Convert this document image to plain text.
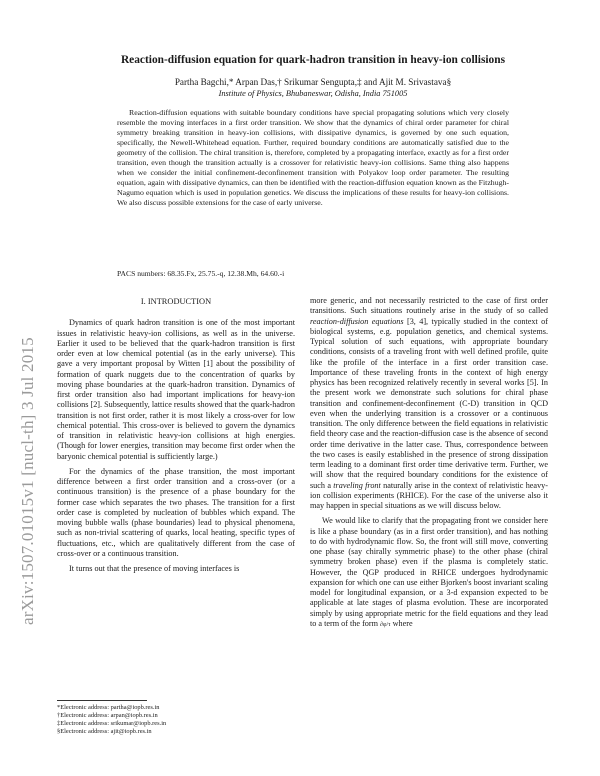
arXiv:1507.01015v1 [nucl-th] 3 Jul 2015
Reaction-diffusion equation for quark-hadron transition in heavy-ion collisions
Partha Bagchi,* Arpan Das,† Srikumar Sengupta,‡ and Ajit M. Srivastava§
Institute of Physics, Bhubaneswar, Odisha, India 751005
Reaction-diffusion equations with suitable boundary conditions have special propagating solutions which very closely resemble the moving interfaces in a first order transition. We show that the dynamics of chiral order parameter for chiral symmetry breaking transition in heavy-ion collisions, with dissipative dynamics, is governed by one such equation, specifically, the Newell-Whitehead equation. Further, required boundary conditions are automatically satisfied due to the geometry of the collision. The chiral transition is, therefore, completed by a propagating interface, exactly as for a first order transition, even though the transition actually is a crossover for relativistic heavy-ion collisions. Same thing also happens when we consider the initial confinement-deconfinement transition with Polyakov loop order parameter. The resulting equation, again with dissipative dynamics, can then be identified with the reaction-diffusion equation known as the Fitzhugh-Nagumo equation which is used in population genetics. We discuss the implications of these results for heavy-ion collisions. We also discuss possible extensions for the case of early universe.
PACS numbers: 68.35.Fx, 25.75.-q, 12.38.Mh, 64.60.-i
I. INTRODUCTION

Dynamics of quark hadron transition is one of the most important issues in relativistic heavy-ion collisions, as well as in the universe. Earlier it used to be believed that the quark-hadron transition is first order even at low chemical potential (as in the early universe). This gave a very important proposal by Witten [1] about the possibility of formation of quark nuggets due to the concentration of quarks by moving phase boundaries at the quark-hadron transition. Dynamics of first order transition also had important implications for heavy-ion collisions [2]. Subsequently, lattice results showed that the quark-hadron transition is not first order, rather it is most likely a cross-over for low chemical potential. This cross-over is believed to govern the dynamics of transition in relativistic heavy-ion collisions at high energies. (Though for lower energies, transition may become first order when the baryonic chemical potential is sufficiently large.)

For the dynamics of the phase transition, the most important difference between a first order transition and a cross-over (or a continuous transition) is the presence of a phase boundary for the former case which separates the two phases. The transition for a first order case is completed by nucleation of bubbles which expand. The moving bubble walls (phase boundaries) lead to physical phenomena, such as non-trivial scattering of quarks, local heating, specific types of fluctuations, etc., which are qualitatively different from the case of cross-over or a continuous transition.

It turns out that the presence of moving interfaces is

more generic, and not necessarily restricted to the case of first order transitions. Such situations routinely arise in the study of so called reaction-diffusion equations [3, 4], typically studied in the context of biological systems, e.g. population genetics, and chemical systems. Typical solution of such equations, with appropriate boundary conditions, consists of a traveling front with well defined profile, quite like the profile of the interface in a first order transition case. Importance of these traveling fronts in the context of high energy physics has been recognized relatively recently in several works [5]. In the present work we demonstrate such solutions for chiral phase transition and confinement-deconfinement (C-D) transition in QCD even when the underlying transition is a crossover or a continuous transition. The only difference between the field equations in relativistic field theory case and the reaction-diffusion case is the absence of second order time derivative in the latter case. Thus, correspondence between the two cases is easily established in the presence of strong dissipation term leading to a dominant first order time derivative term. Further, we will show that the required boundary conditions for the existence of such a traveling front naturally arise in the context of relativistic heavy-ion collision experiments (RHICE). For the case of the universe also it may happen in special situations as we will discuss below.

We would like to clarify that the propagating front we consider here is like a phase boundary (as in a first order transition), and has nothing to do with hydrodynamic flow. So, the front will still move, converting one phase (say chirally symmetric phase) to the other phase (chiral symmetry broken phase) even if the plasma is completely static. However, the QGP produced in RHICE undergoes hydrodynamic expansion for which one can use either Bjorken's boost invariant scaling model for longitudinal expansion, or a 3-d expansion expected to be applicable at late stages of plasma evolution. These are incorporated simply by using appropriate metric for the field equations and they lead to a term of the form ∂φ/τ where

*Electronic address: partha@iopb.res.in
†Electronic address: arpan@iopb.res.in
‡Electronic address: srikumar@iopb.res.in
§Electronic address: ajit@iopb.res.in
